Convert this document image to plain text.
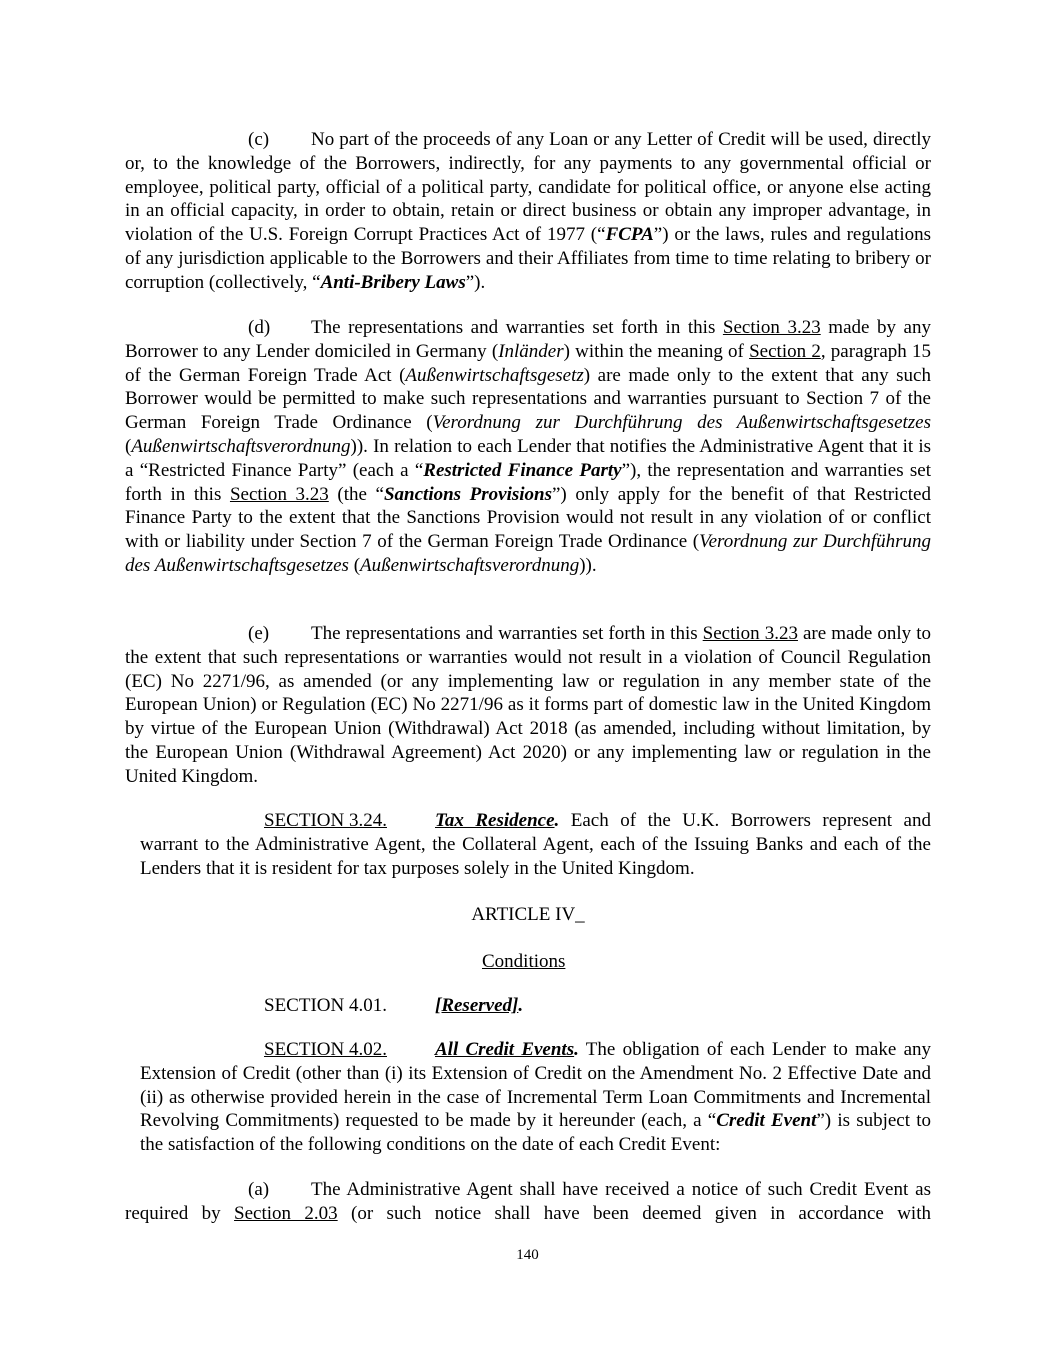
(c) No part of the proceeds of any Loan or any Letter of Credit will be used, directly or, to the knowledge of the Borrowers, indirectly, for any payments to any governmental official or employee, political party, official of a political party, candidate for political office, or anyone else acting in an official capacity, in order to obtain, retain or direct business or obtain any improper advantage, in violation of the U.S. Foreign Corrupt Practices Act of 1977 (“FCPA”) or the laws, rules and regulations of any jurisdiction applicable to the Borrowers and their Affiliates from time to time relating to bribery or corruption (collectively, “Anti-Bribery Laws”).

(d) The representations and warranties set forth in this Section 3.23 made by any Borrower to any Lender domiciled in Germany (Inländer) within the meaning of Section 2, paragraph 15 of the German Foreign Trade Act (Außenwirtschaftsgesetz) are made only to the extent that any such Borrower would be permitted to make such representations and warranties pursuant to Section 7 of the German Foreign Trade Ordinance (Verordnung zur Durchführung des Außenwirtschaftsgesetzes (Außenwirtschaftsverordnung)). In relation to each Lender that notifies the Administrative Agent that it is a “Restricted Finance Party” (each a “Restricted Finance Party”), the representation and warranties set forth in this Section 3.23 (the “Sanctions Provisions”) only apply for the benefit of that Restricted Finance Party to the extent that the Sanctions Provision would not result in any violation of or conflict with or liability under Section 7 of the German Foreign Trade Ordinance (Verordnung zur Durchführung des Außenwirtschaftsgesetzes (Außenwirtschaftsverordnung)).

(e) The representations and warranties set forth in this Section 3.23 are made only to the extent that such representations or warranties would not result in a violation of Council Regulation (EC) No 2271/96, as amended (or any implementing law or regulation in any member state of the European Union) or Regulation (EC) No 2271/96 as it forms part of domestic law in the United Kingdom by virtue of the European Union (Withdrawal) Act 2018 (as amended, including without limitation, by the European Union (Withdrawal Agreement) Act 2020) or any implementing law or regulation in the United Kingdom.

SECTION 3.24.	Tax Residence. Each of the U.K. Borrowers represent and warrant to the Administrative Agent, the Collateral Agent, each of the Issuing Banks and each of the Lenders that it is resident for tax purposes solely in the United Kingdom.

ARTICLE IV_

Conditions

SECTION 4.01.	[Reserved].

SECTION 4.02.	All Credit Events. The obligation of each Lender to make any Extension of Credit (other than (i) its Extension of Credit on the Amendment No. 2 Effective Date and (ii) as otherwise provided herein in the case of Incremental Term Loan Commitments and Incremental Revolving Commitments) requested to be made by it hereunder (each, a “Credit Event”) is subject to the satisfaction of the following conditions on the date of each Credit Event:

(a) The Administrative Agent shall have received a notice of such Credit Event as required by Section 2.03 (or such notice shall have been deemed given in accordance with

140
